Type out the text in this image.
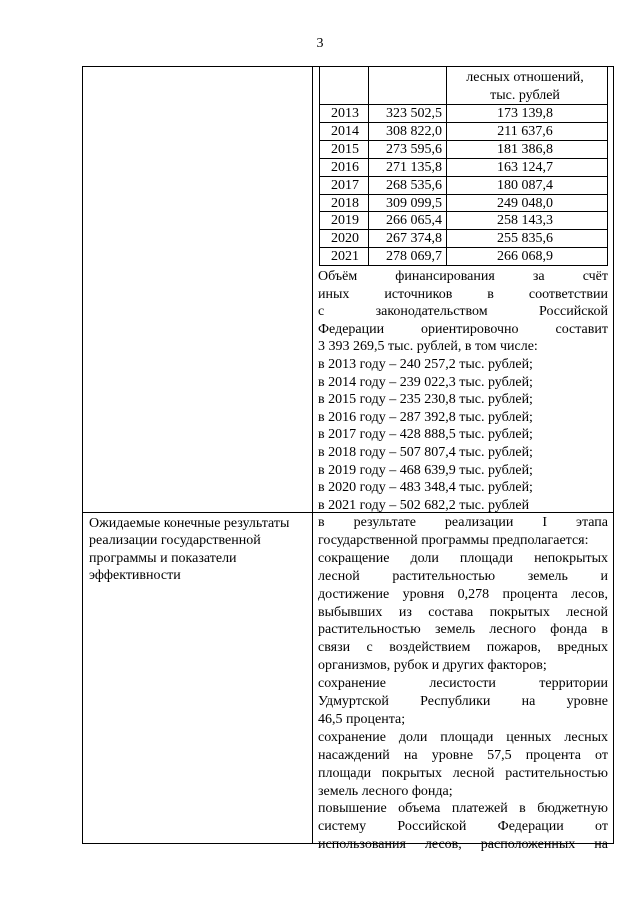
3
лесных отношений,
тыс. рублей
2013	323 502,5	173 139,8
2014	308 822,0	211 637,6
2015	273 595,6	181 386,8
2016	271 135,8	163 124,7
2017	268 535,6	180 087,4
2018	309 099,5	249 048,0
2019	266 065,4	258 143,3
2020	267 374,8	255 835,6
2021	278 069,7	266 068,9
Объём финансирования за счёт
иных источников в соответствии
с законодательством Российской
Федерации ориентировочно составит
3 393 269,5 тыс. рублей, в том числе:
в 2013 году – 240 257,2 тыс. рублей;
в 2014 году – 239 022,3 тыс. рублей;
в 2015 году – 235 230,8 тыс. рублей;
в 2016 году – 287 392,8 тыс. рублей;
в 2017 году – 428 888,5 тыс. рублей;
в 2018 году – 507 807,4 тыс. рублей;
в 2019 году – 468 639,9 тыс. рублей;
в 2020 году – 483 348,4 тыс. рублей;
в 2021 году – 502 682,2 тыс. рублей
Ожидаемые конечные результаты реализации государственной программы и показатели эффективности
в результате реализации I этапа
государственной программы предполагается:
сокращение доли площади непокрытых
лесной растительностью земель и
достижение уровня 0,278 процента лесов,
выбывших из состава покрытых лесной
растительностью земель лесного фонда в
связи с воздействием пожаров, вредных
организмов, рубок и других факторов;
сохранение лесистости территории
Удмуртской Республики на уровне
46,5 процента;
сохранение доли площади ценных лесных
насаждений на уровне 57,5 процента от
площади покрытых лесной растительностью
земель лесного фонда;
повышение объема платежей в бюджетную
систему Российской Федерации от
использования лесов, расположенных на
